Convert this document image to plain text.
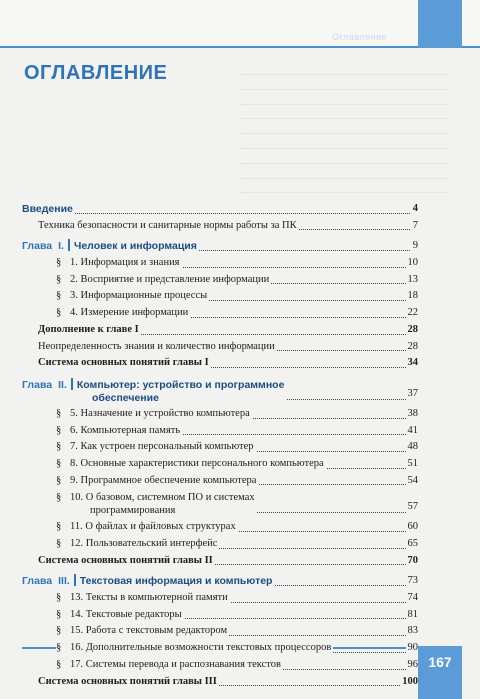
Оглавление
ОГЛАВЛЕНИЕ
Введение	4
Техника безопасности и санитарные нормы работы за ПК	7
Глава I. Человек и информация	9
§ 1. Информация и знания	10
§ 2. Восприятие и представление информации	13
§ 3. Информационные процессы	18
§ 4. Измерение информации	22
Дополнение к главе I	28
Неопределенность знания и количество информации	28
Система основных понятий главы I	34
Глава II. Компьютер: устройство и программное
обеспечение	37
§ 5. Назначение и устройство компьютера	38
§ 6. Компьютерная память	41
§ 7. Как устроен персональный компьютер	48
§ 8. Основные характеристики персонального компьютера	51
§ 9. Программное обеспечение компьютера	54
§ 10. О базовом, системном ПО и системах
программирования	57
§ 11. О файлах и файловых структурах	60
§ 12. Пользовательский интерфейс	65
Система основных понятий главы II	70
Глава III. Текстовая информация и компьютер	73
§ 13. Тексты в компьютерной памяти	74
§ 14. Текстовые редакторы	81
§ 15. Работа с текстовым редактором	83
§ 16. Дополнительные возможности текстовых процессоров	90
§ 17. Системы перевода и распознавания текстов	96
Система основных понятий главы III	100
167
